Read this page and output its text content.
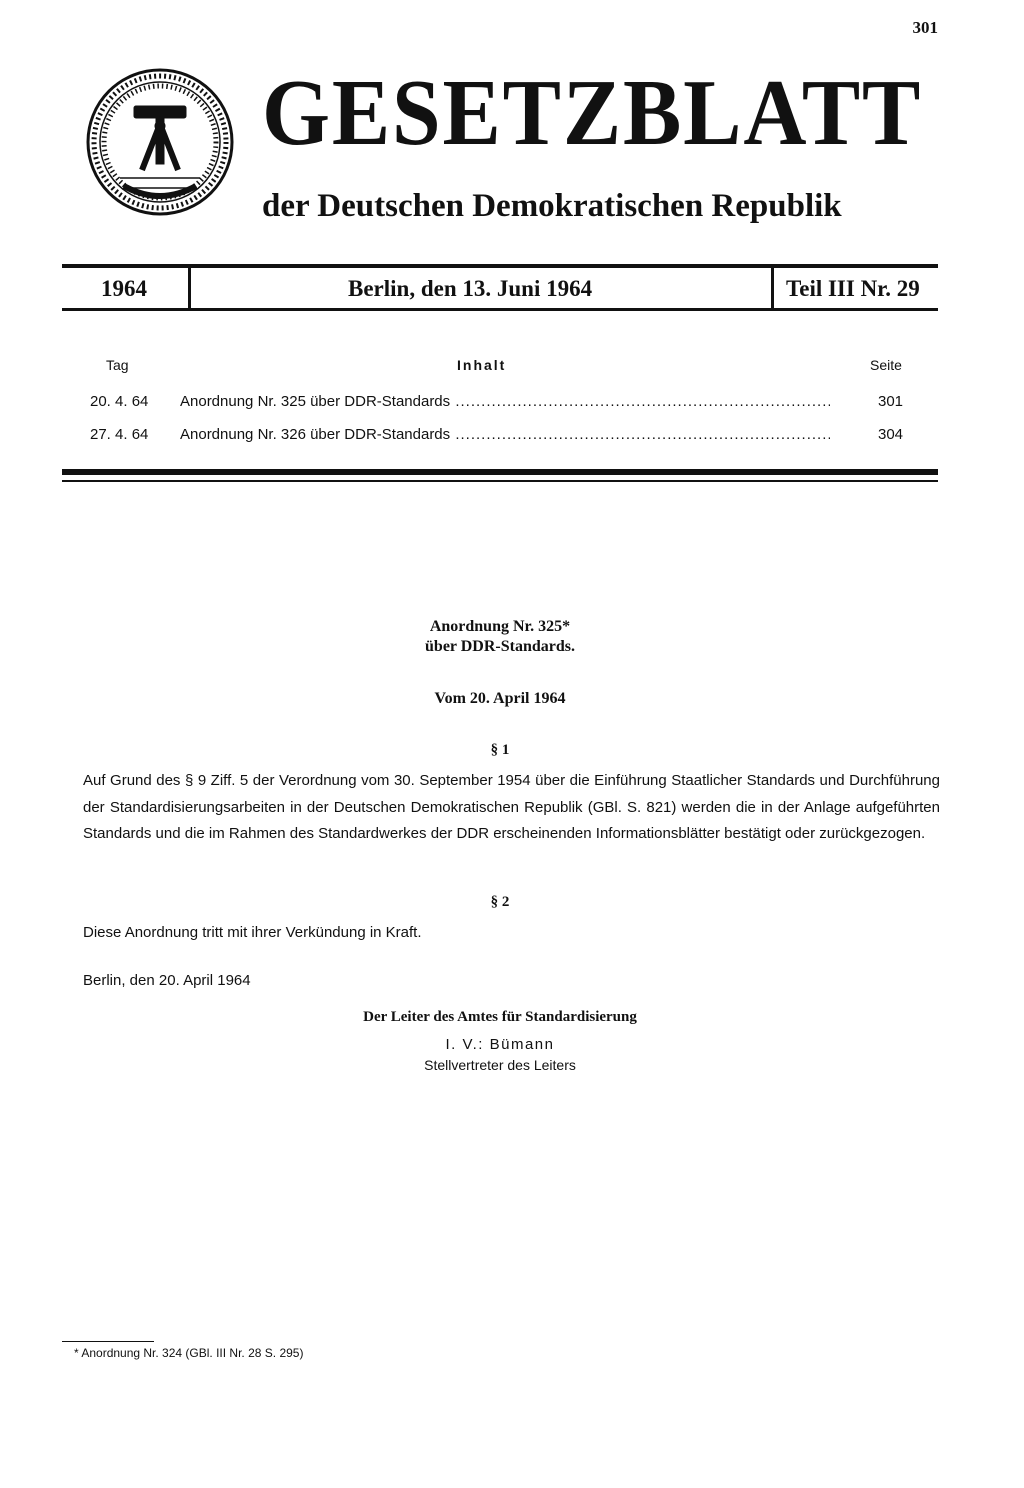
301
GESETZBLATT
der Deutschen Demokratischen Republik
1964	Berlin, den 13. Juni 1964	Teil III Nr. 29
Tag	Inhalt	Seite
20. 4. 64 Anordnung Nr. 325 über DDR-Standards .....	301
27. 4. 64 Anordnung Nr. 326 über DDR-Standards .....	304
Anordnung Nr. 325*
über DDR-Standards.
Vom 20. April 1964
§ 1
Auf Grund des § 9 Ziff. 5 der Verordnung vom 30. September 1954 über die Einführung Staatlicher Standards und Durchführung der Standardisierungsarbeiten in der Deutschen Demokratischen Republik (GBl. S. 821) werden die in der Anlage aufgeführten Standards und die im Rahmen des Standardwerkes der DDR erscheinenden Informationsblätter bestätigt oder zurückgezogen.
§ 2
Diese Anordnung tritt mit ihrer Verkündung in Kraft.
Berlin, den 20. April 1964
Der Leiter des Amtes für Standardisierung
I. V.: Bümann
Stellvertreter des Leiters
* Anordnung Nr. 324 (GBl. III Nr. 28 S. 295)
